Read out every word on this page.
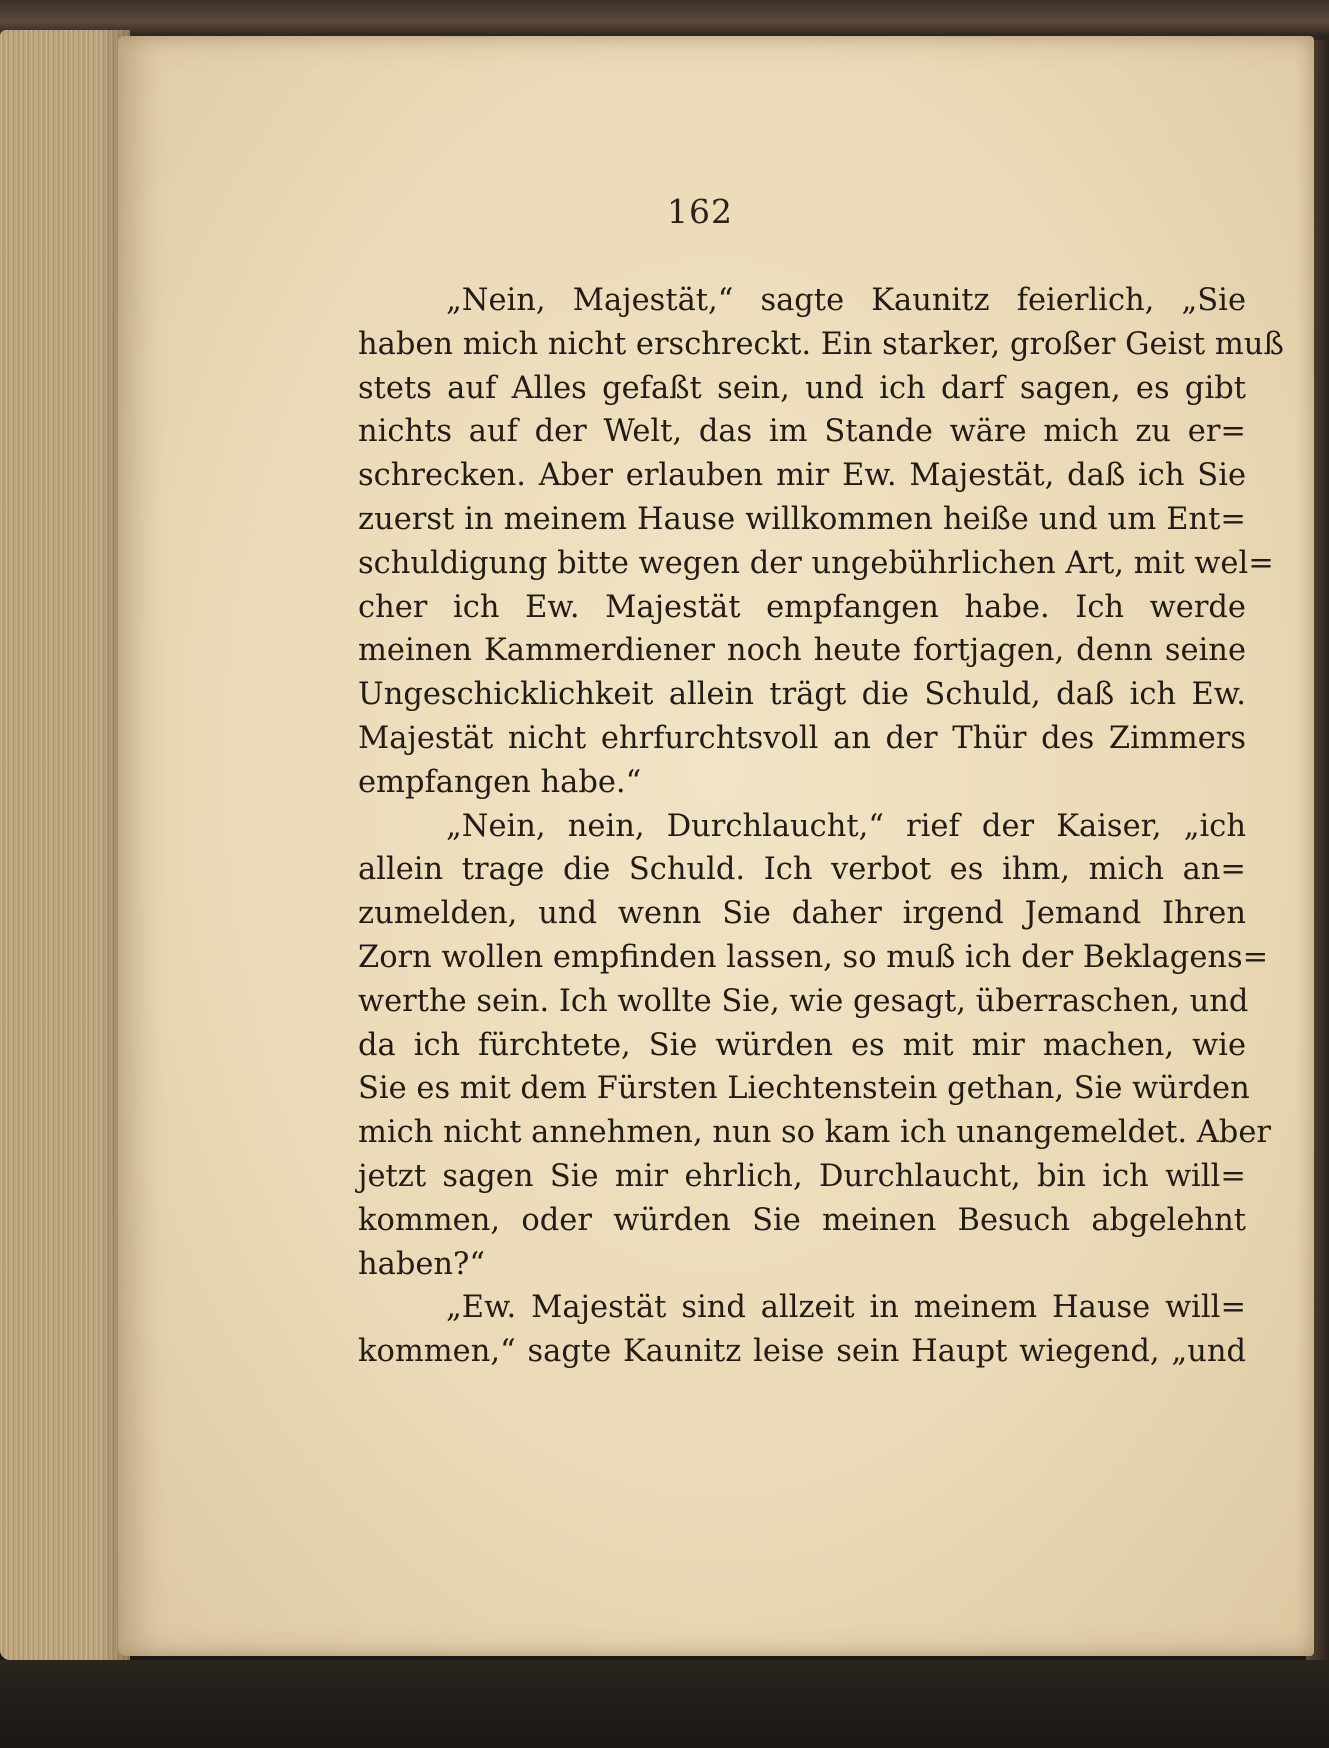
162
„Nein, Majestät,“ sagte Kaunitz feierlich, „Sie
haben mich nicht erschreckt. Ein starker, großer Geist muß
stets auf Alles gefaßt sein, und ich darf sagen, es gibt
nichts auf der Welt, das im Stande wäre mich zu er=
schrecken. Aber erlauben mir Ew. Majestät, daß ich Sie
zuerst in meinem Hause willkommen heiße und um Ent=
schuldigung bitte wegen der ungebührlichen Art, mit wel=
cher ich Ew. Majestät empfangen habe. Ich werde
meinen Kammerdiener noch heute fortjagen, denn seine
Ungeschicklichkeit allein trägt die Schuld, daß ich Ew.
Majestät nicht ehrfurchtsvoll an der Thür des Zimmers
empfangen habe.“
„Nein, nein, Durchlaucht,“ rief der Kaiser, „ich
allein trage die Schuld. Ich verbot es ihm, mich an=
zumelden, und wenn Sie daher irgend Jemand Ihren
Zorn wollen empfinden lassen, so muß ich der Beklagens=
werthe sein. Ich wollte Sie, wie gesagt, überraschen, und
da ich fürchtete, Sie würden es mit mir machen, wie
Sie es mit dem Fürsten Liechtenstein gethan, Sie würden
mich nicht annehmen, nun so kam ich unangemeldet. Aber
jetzt sagen Sie mir ehrlich, Durchlaucht, bin ich will=
kommen, oder würden Sie meinen Besuch abgelehnt
haben?“
„Ew. Majestät sind allzeit in meinem Hause will=
kommen,“ sagte Kaunitz leise sein Haupt wiegend, „und
